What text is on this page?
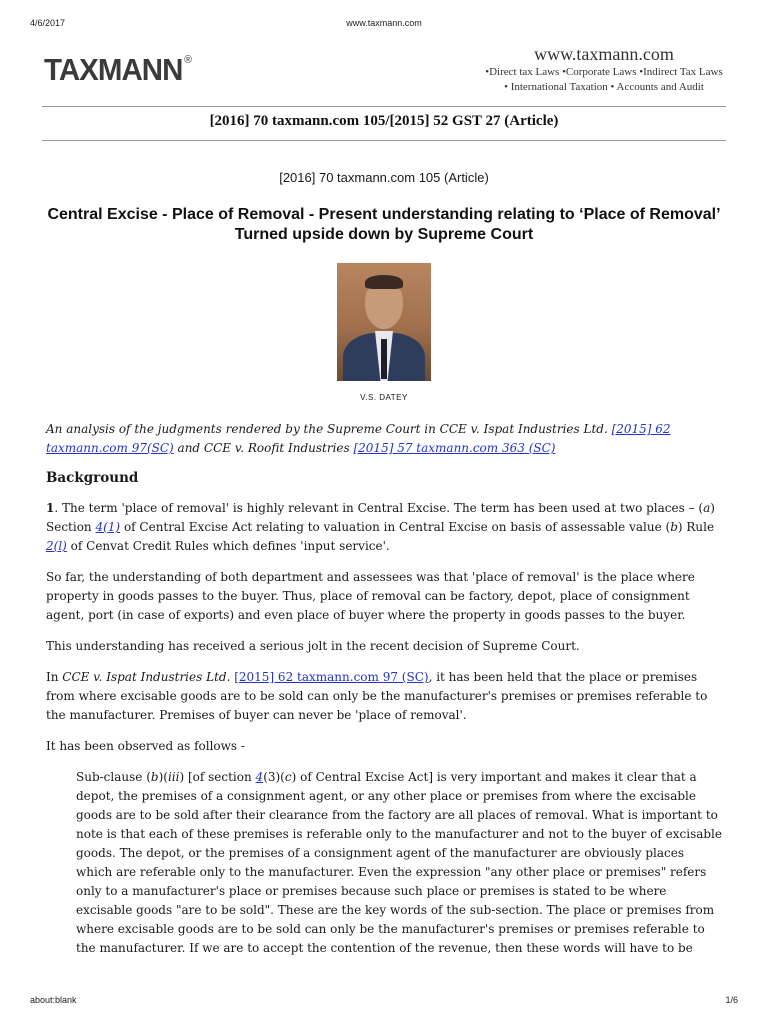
4/6/2017	www.taxmann.com
TAXMANN ®	www.taxmann.com
•Direct tax Laws •Corporate Laws •Indirect Tax Laws
• International Taxation • Accounts and Audit
[2016] 70 taxmann.com 105/[2015] 52 GST 27 (Article)
[2016] 70 taxmann.com 105 (Article)
Central Excise - Place of Removal - Present understanding relating to ‘Place of Removal’ Turned upside down by Supreme Court
V.S. DATEY

An analysis of the judgments rendered by the Supreme Court in CCE v. Ispat Industries Ltd. [2015] 62 taxmann.com 97(SC) and CCE v. Roofit Industries [2015] 57 taxmann.com 363 (SC)

Background

1. The term 'place of removal' is highly relevant in Central Excise. The term has been used at two places – (a) Section 4(1) of Central Excise Act relating to valuation in Central Excise on basis of assessable value (b) Rule 2(l) of Cenvat Credit Rules which defines 'input service'.

So far, the understanding of both department and assessees was that 'place of removal' is the place where property in goods passes to the buyer. Thus, place of removal can be factory, depot, place of consignment agent, port (in case of exports) and even place of buyer where the property in goods passes to the buyer.

This understanding has received a serious jolt in the recent decision of Supreme Court.

In CCE v. Ispat Industries Ltd. [2015] 62 taxmann.com 97 (SC), it has been held that the place or premises from where excisable goods are to be sold can only be the manufacturer's premises or premises referable to the manufacturer. Premises of buyer can never be 'place of removal'.

It has been observed as follows -

Sub-clause (b)(iii) [of section 4(3)(c) of Central Excise Act] is very important and makes it clear that a depot, the premises of a consignment agent, or any other place or premises from where the excisable goods are to be sold after their clearance from the factory are all places of removal. What is important to note is that each of these premises is referable only to the manufacturer and not to the buyer of excisable goods. The depot, or the premises of a consignment agent of the manufacturer are obviously places which are referable only to the manufacturer. Even the expression "any other place or premises" refers only to a manufacturer's place or premises because such place or premises is stated to be where excisable goods "are to be sold". These are the key words of the sub-section. The place or premises from where excisable goods are to be sold can only be the manufacturer's premises or premises referable to the manufacturer. If we are to accept the contention of the revenue, then these words will have to be

about:blank	1/6
